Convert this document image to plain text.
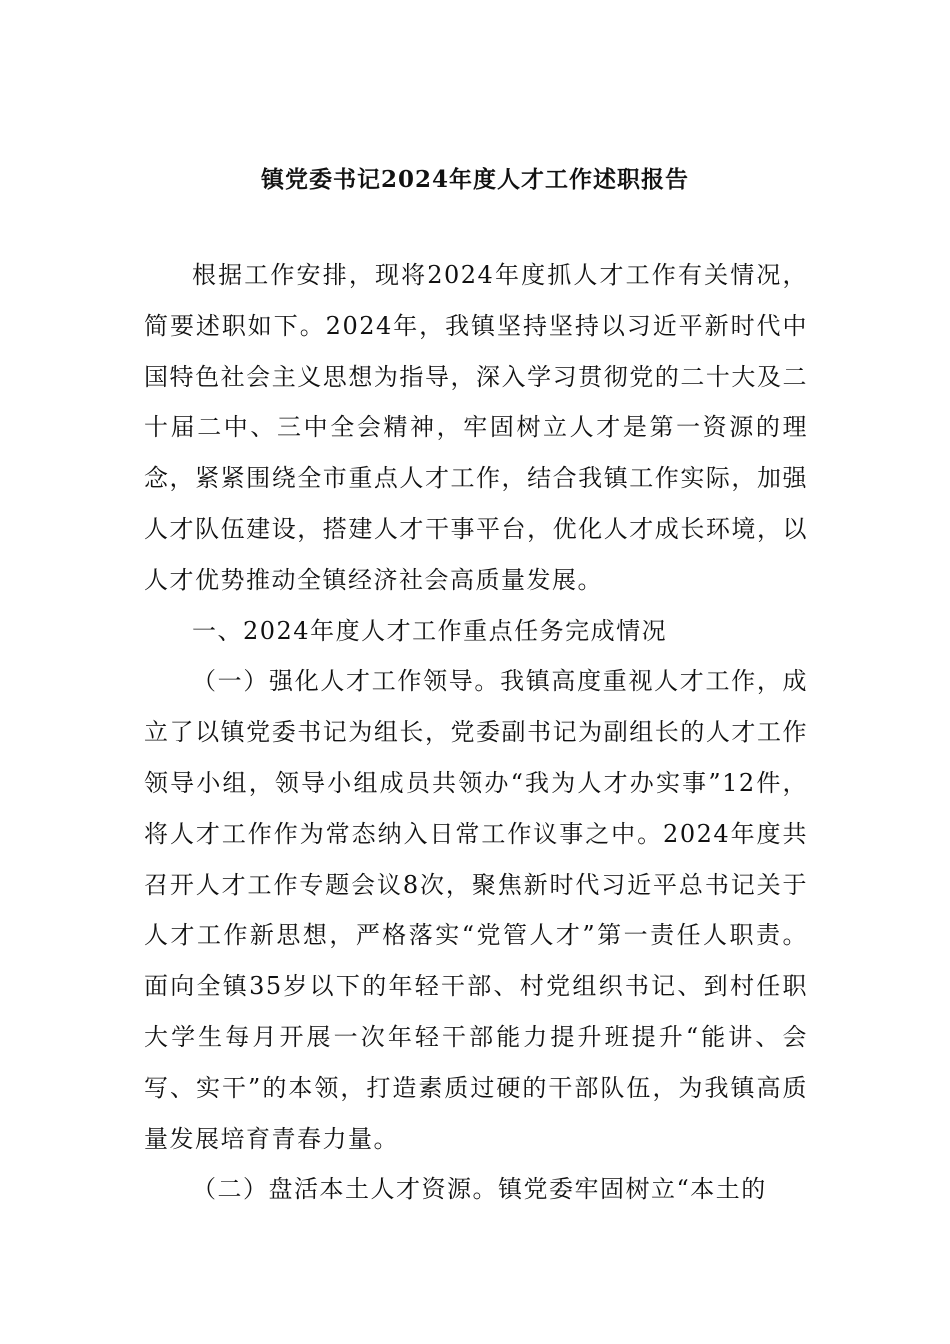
镇党委书记2024年度人才工作述职报告

根据工作安排，现将2024年度抓人才工作有关情况，简要述职如下。2024年，我镇坚持坚持以习近平新时代中国特色社会主义思想为指导，深入学习贯彻党的二十大及二十届二中、三中全会精神，牢固树立人才是第一资源的理念，紧紧围绕全市重点人才工作，结合我镇工作实际，加强人才队伍建设，搭建人才干事平台，优化人才成长环境，以人才优势推动全镇经济社会高质量发展。

一、2024年度人才工作重点任务完成情况

（一）强化人才工作领导。我镇高度重视人才工作，成立了以镇党委书记为组长，党委副书记为副组长的人才工作领导小组，领导小组成员共领办“我为人才办实事”12件，将人才工作作为常态纳入日常工作议事之中。2024年度共召开人才工作专题会议8次，聚焦新时代习近平总书记关于人才工作新思想，严格落实“党管人才”第一责任人职责。面向全镇35岁以下的年轻干部、村党组织书记、到村任职大学生每月开展一次年轻干部能力提升班提升“能讲、会写、实干”的本领，打造素质过硬的干部队伍，为我镇高质量发展培育青春力量。

（二）盘活本土人才资源。镇党委牢固树立“本土的
